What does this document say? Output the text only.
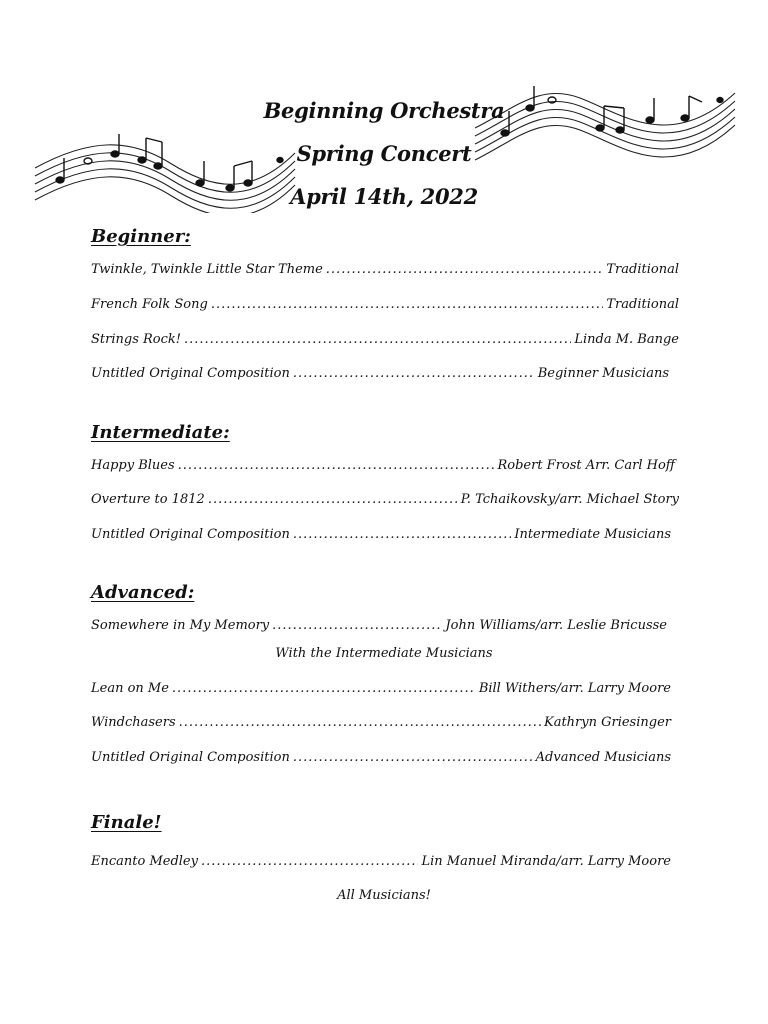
Beginning Orchestra
Spring Concert
April 14th, 2022
Beginner:
Twinkle, Twinkle Little Star Theme .....	Traditional
French Folk Song .....	Traditional
Strings Rock! .....	Linda M. Bange
Untitled Original Composition .....	Beginner Musicians
Intermediate:
Happy Blues .....	Robert Frost Arr. Carl Hoff
Overture to 1812 .....	P. Tchaikovsky/arr. Michael Story
Untitled Original Composition .....	Intermediate Musicians
Advanced:
Somewhere in My Memory .....	John Williams/arr. Leslie Bricusse
With the Intermediate Musicians
Lean on Me .....	Bill Withers/arr. Larry Moore
Windchasers .....	Kathryn Griesinger
Untitled Original Composition .....	Advanced Musicians
Finale!
Encanto Medley .....	Lin Manuel Miranda/arr. Larry Moore
All Musicians!
